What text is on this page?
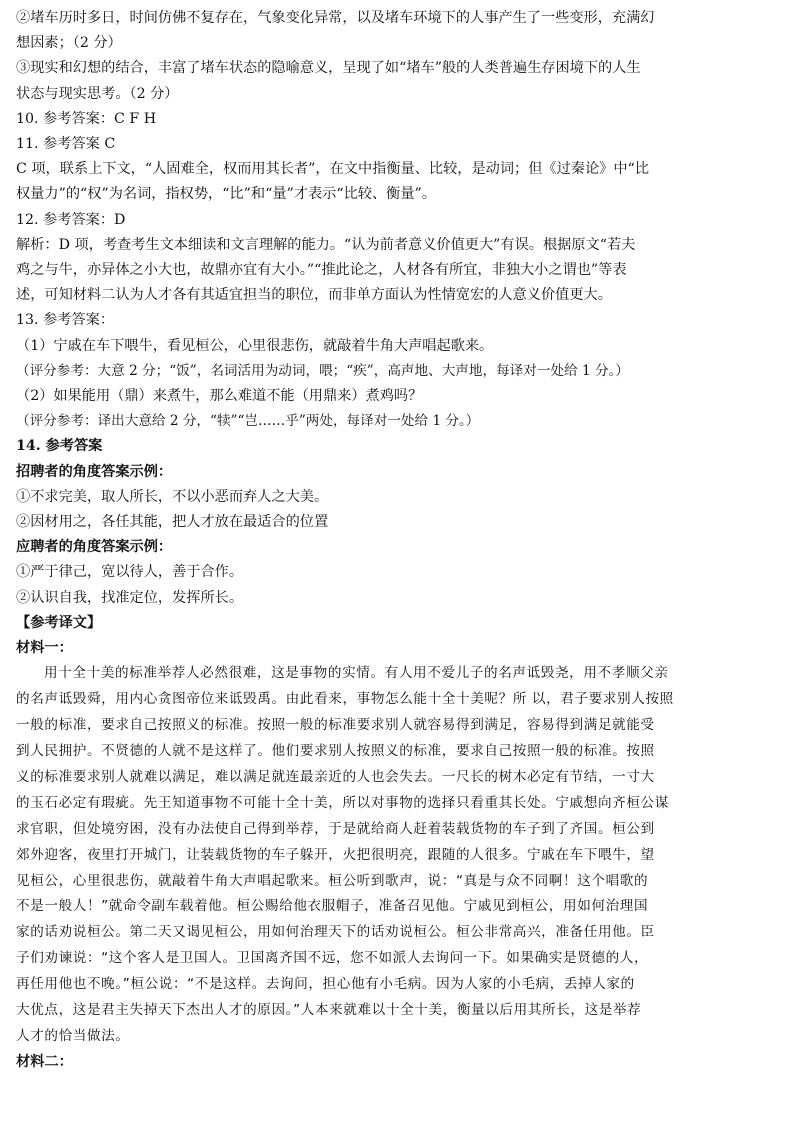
②堵车历时多日，时间仿佛不复存在，气象变化异常，以及堵车环境下的人事产生了一些变形，充满幻
想因素；（2 分）
③现实和幻想的结合，丰富了堵车状态的隐喻意义，呈现了如“堵车”般的人类普遍生存困境下的人生
状态与现实思考。（2 分）
10. 参考答案：C F H
11. 参考答案 C
C 项，联系上下文，“人固难全，权而用其长者”，在文中指衡量、比较，是动词；但《过秦论》中“比
权量力”的“权”为名词，指权势，“比”和“量”才表示“比较、衡量”。
12. 参考答案：D
解析：D 项，考查考生文本细读和文言理解的能力。“认为前者意义价值更大”有误。根据原文“若夫
鸡之与牛，亦异体之小大也，故鼎亦宜有大小。”“推此论之，人材各有所宜，非独大小之谓也”等表
述，可知材料二认为人才各有其适宜担当的职位，而非单方面认为性情宽宏的人意义价值更大。
13. 参考答案：
（1）宁戚在车下喂牛，看见桓公，心里很悲伤，就敲着牛角大声唱起歌来。
（评分参考：大意 2 分；“饭”，名词活用为动词，喂；“疾”，高声地、大声地，每译对一处给 1 分。）
（2）如果能用（鼎）来煮牛，那么难道不能（用鼎来）煮鸡吗？
（评分参考：译出大意给 2 分，“犊”“岂……乎”两处，每译对一处给 1 分。）
14. 参考答案
招聘者的角度答案示例：
①不求完美，取人所长，不以小恶而弃人之大美。
②因材用之，各任其能，把人才放在最适合的位置
应聘者的角度答案示例：
①严于律己，宽以待人，善于合作。
②认识自我，找准定位，发挥所长。
【参考译文】
材料一：
用十全十美的标准举荐人必然很难，这是事物的实情。有人用不爱儿子的名声诋毁尧，用不孝顺父亲
的名声诋毁舜，用内心贪图帝位来诋毁禹。由此看来，事物怎么能十全十美呢？所 以，君子要求别人按照
一般的标准，要求自己按照义的标准。按照一般的标准要求别人就容易得到满足，容易得到满足就能受
到人民拥护。不贤德的人就不是这样了。他们要求别人按照义的标准，要求自己按照一般的标准。按照
义的标准要求别人就难以满足，难以满足就连最亲近的人也会失去。一尺长的树木必定有节结，一寸大
的玉石必定有瑕疵。先王知道事物不可能十全十美，所以对事物的选择只看重其长处。宁戚想向齐桓公谋
求官职，但处境穷困，没有办法使自己得到举荐，于是就给商人赶着装载货物的车子到了齐国。桓公到
郊外迎客，夜里打开城门，让装载货物的车子躲开，火把很明亮，跟随的人很多。宁戚在车下喂牛，望
见桓公，心里很悲伤，就敲着牛角大声唱起歌来。桓公听到歌声，说：“真是与众不同啊！这个唱歌的
不是一般人！”就命令副车载着他。桓公赐给他衣服帽子，准备召见他。宁戚见到桓公，用如何治理国
家的话劝说桓公。第二天又谒见桓公，用如何治理天下的话劝说桓公。桓公非常高兴，准备任用他。臣
子们劝谏说：“这个客人是卫国人。卫国离齐国不远，您不如派人去询问一下。如果确实是贤德的人，
再任用他也不晚。”桓公说：“不是这样。去询问，担心他有小毛病。因为人家的小毛病，丢掉人家的
大优点，这是君主失掉天下杰出人才的原因。”人本来就难以十全十美，衡量以后用其所长，这是举荐
人才的恰当做法。
材料二：
